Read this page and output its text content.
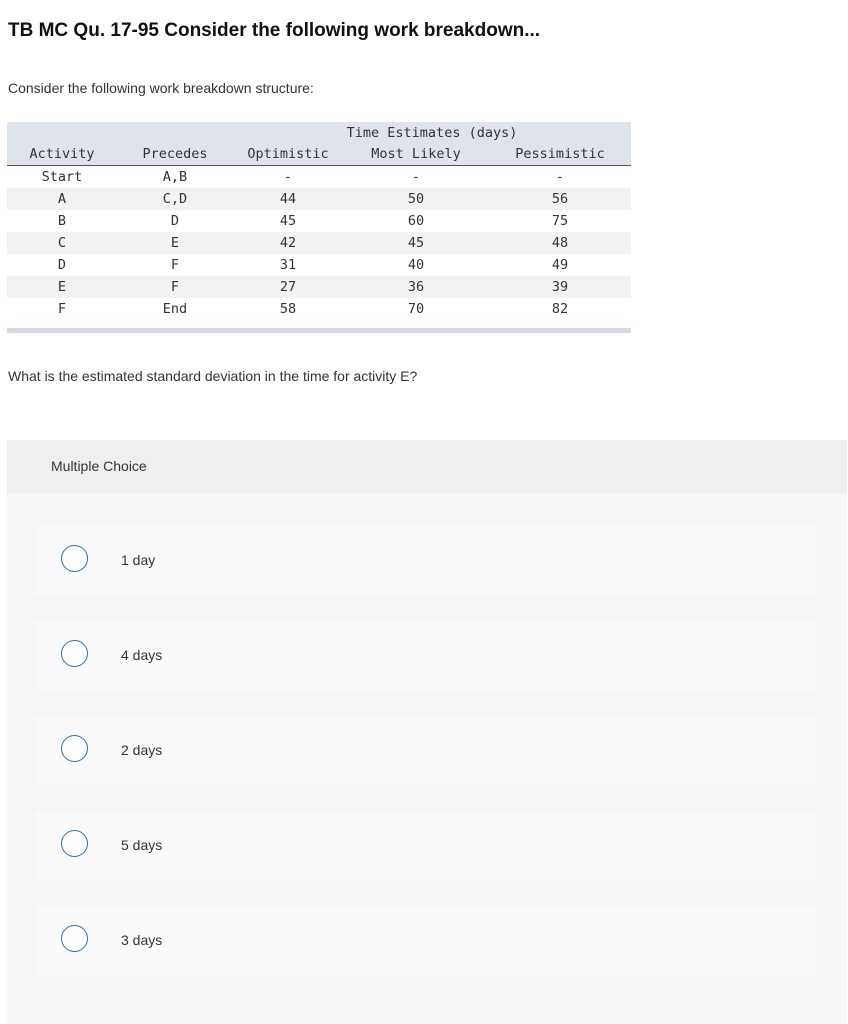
TB MC Qu. 17-95 Consider the following work breakdown...
Consider the following work breakdown structure:
		Time Estimates (days)		
Activity	Precedes	Optimistic	Most Likely	Pessimistic
Start	A,B	-	-	-
A	C,D	44	50	56
B	D	45	60	75
C	E	42	45	48
D	F	31	40	49
E	F	27	36	39
F	End	58	70	82
What is the estimated standard deviation in the time for activity E?
Multiple Choice
1 day
4 days
2 days
5 days
3 days
